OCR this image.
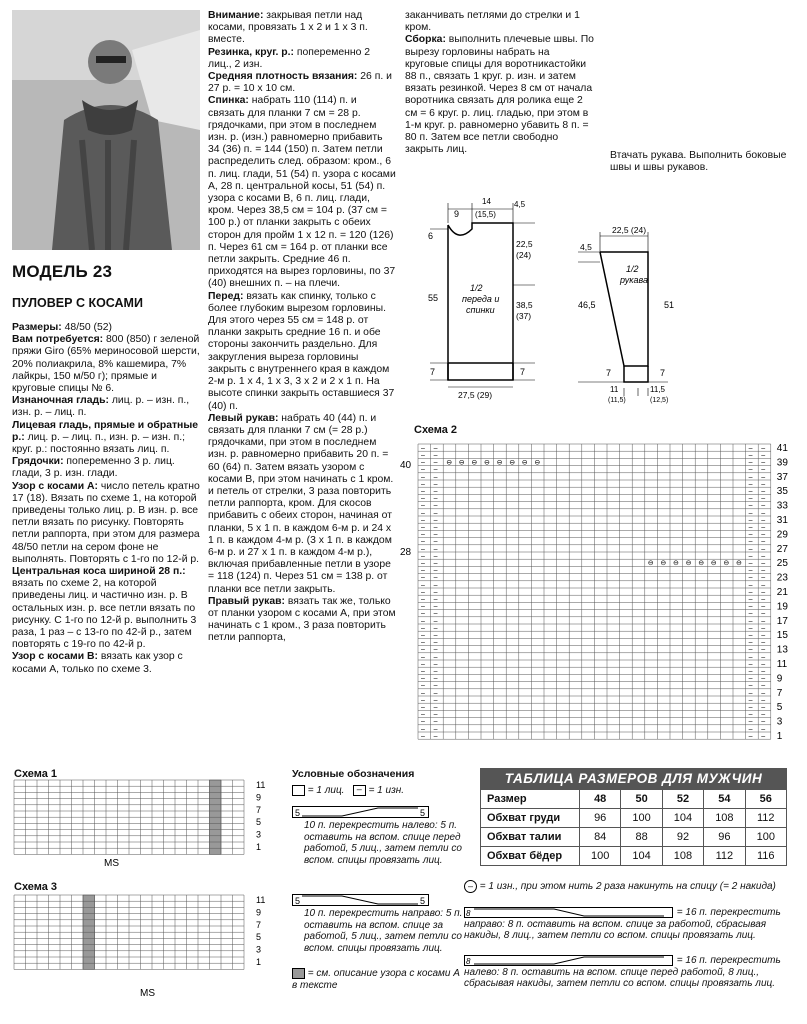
МОДЕЛЬ 23
ПУЛОВЕР С КОСАМИ

Размеры: 48/50 (52)

Вам потребуется: 800 (850) г зеленой пряжи Giro (65% мериносовой шерсти, 20% полиакрила, 8% кашемира, 7% лайкры, 150 м/50 г); прямые и круговые спицы № 6.

Изнаночная гладь: лиц. р. – изн. п., изн. р. – лиц. п.

Лицевая гладь, прямые и обратные р.: лиц. р. – лиц. п., изн. р. – изн. п.; круг. р.: постоянно вязать лиц. п.

Грядочки: попеременно 3 р. лиц. глади, 3 р. изн. глади.

Узор с косами А: число петель кратно 17 (18). Вязать по схеме 1, на которой приведены только лиц. р. В изн. р. все петли вязать по рисунку. Повторять петли раппорта, при этом для размера 48/50 петли на сером фоне не выполнять. Повторять с 1-го по 12-й р.

Центральная коса шириной 28 п.: вязать по схеме 2, на которой приведены лиц. и частично изн. р. В остальных изн. р. все петли вязать по рисунку. С 1-го по 12-й р. выполнить 3 раза, 1 раз – с 13-го по 42-й р., затем повторять с 19-го по 42-й р.

Узор с косами В: вязать как узор с косами А, только по схеме 3.

Внимание: закрывая петли над косами, провязать 1 х 2 и 1 х 3 п. вместе.

Резинка, круг. р.: попеременно 2 лиц., 2 изн.

Средняя плотность вязания: 26 п. и 27 р. = 10 х 10 см.

Спинка: набрать 110 (114) п. и связать для планки 7 см = 28 р. грядочками, при этом в последнем изн. р. (изн.) равномерно прибавить 34 (36) п. = 144 (150) п. Затем петли распределить след. образом: кром., 6 п. лиц. глади, 51 (54) п. узора с косами А, 28 п. центральной косы, 51 (54) п. узора с косами В, 6 п. лиц. глади, кром. Через 38,5 см = 104 р. (37 см = 100 р.) от планки закрыть с обеих сторон для пройм 1 х 12 п. = 120 (126) п. Через 61 см = 164 р. от планки все петли закрыть. Средние 46 п. приходятся на вырез горловины, по 37 (40) внешних п. – на плечи.

Перед: вязать как спинку, только с более глубоким вырезом горловины. Для этого через 55 см = 148 р. от планки закрыть средние 16 п. и обе стороны закончить раздельно. Для закругления выреза горловины закрыть с внутреннего края в каждом 2-м р. 1 х 4, 1 х 3, 3 х 2 и 2 х 1 п. На высоте спинки закрыть оставшиеся 37 (40) п.

Левый рукав: набрать 40 (44) п. и связать для планки 7 см (= 28 р.) грядочками, при этом в последнем изн. р. равномерно прибавить 20 п. = 60 (64) п. Затем вязать узором с косами В, при этом начинать с 1 кром. и петель от стрелки, 3 раза повторить петли раппорта, кром. Для скосов прибавить с обеих сторон, начиная от планки, 5 х 1 п. в каждом 6-м р. и 24 х 1 п. в каждом 4-м р. (3 х 1 п. в каждом 6-м р. и 27 х 1 п. в каждом 4-м р.), включая прибавленные петли в узоре = 118 (124) п. Через 51 см = 138 р. от планки все петли закрыть.

Правый рукав: вязать так же, только от планки узором с косами А, при этом начинать с 1 кром., 3 раза повторить петли раппорта,

заканчивать петлями до стрелки и 1 кром.

Сборка: выполнить плечевые швы. По вырезу горловины набрать на круговые спицы для воротникастойки 88 п., связать 1 круг. р. изн. и затем вязать резинкой. Через 8 см от начала воротника связать для ролика еще 2 см = 6 круг. р. лиц. гладью, при этом в 1-м круг. р. равномерно убавить 8 п. = 80 п. Затем все петли свободно закрыть лиц.

Втачать рукава. Выполнить боковые швы и швы рукавов.
9
14
(15,5)
4,5
6
55
22,5
(24)
38,5
(37)
7	7
27,5 (29)
1/2
переда и
спинки
22,5 (24)
4,5
46,5	51
7	7
11
(11,5)
11,5
(12,5)
1/2
рукава
Схема 2
– –	– –
– –	– –
– –	– –
– –	– –
– –	– –
– –	– –
– –	– –
– –	– –
– –	– –
– –	– –
– –	– –
– –	– –
– –	– –
– –	– –
– –	– –
– –	– –
– –	– –
– –	– –
– –	– –
– –	– –
– –	– –
– –	– –
– –	– –
– –	– –
– –	– –
– –	– –
– –	– –
– –	– –
– –	– –
– –	– –
– –	– –
– –	– –
– –	– –
– –	– –
– –	– –
– –	– –
– –	– –
– –	– –
– –	– –
– –	– –
– –	– –
41
39
37
35
33
31
29
27
25
23
21
19
17
15
13
11
9
7
5
3
1
⊖ ⊖ ⊖ ⊖ ⊖ ⊖ ⊖ ⊖
⊖ ⊖ ⊖ ⊖ ⊖ ⊖ ⊖ ⊖
40
28
Схема 1
11
9
7
5
3
1
MS
Схема 3
11
9
7
5
3
1
MS
Условные обозначения
= 1 лиц. – = 1 изн.
5	5
10 п. перекрестить налево: 5 п. оставить на вспом. спице перед работой, 5 лиц., затем петли со вспом. спицы провязать лиц.
5	5
10 п. перекрестить направо: 5 п. оставить на вспом. спице за работой, 5 лиц., затем петли со вспом. спицы провязать лиц.
= см. описание узора с косами А в тексте
ТАБЛИЦА РАЗМЕРОВ ДЛЯ МУЖЧИН
Размер	48	50	52	54	56
Обхват груди	96	100	104	108	112
Обхват талии	84	88	92	96	100
Обхват бёдер	100	104	108	112	116
– = 1 изн., при этом нить 2 раза накинуть на спицу (= 2 накида)
8	= 16 п. перекрестить направо: 8 п. оставить на вспом. спице за работой, сбрасывая накиды, 8 лиц., затем петли со вспом. спицы провязать лиц.
8	= 16 п. перекрестить налево: 8 п. оставить на вспом. спице перед работой, 8 лиц., сбрасывая накиды, затем петли со вспом. спицы провязать лиц.
